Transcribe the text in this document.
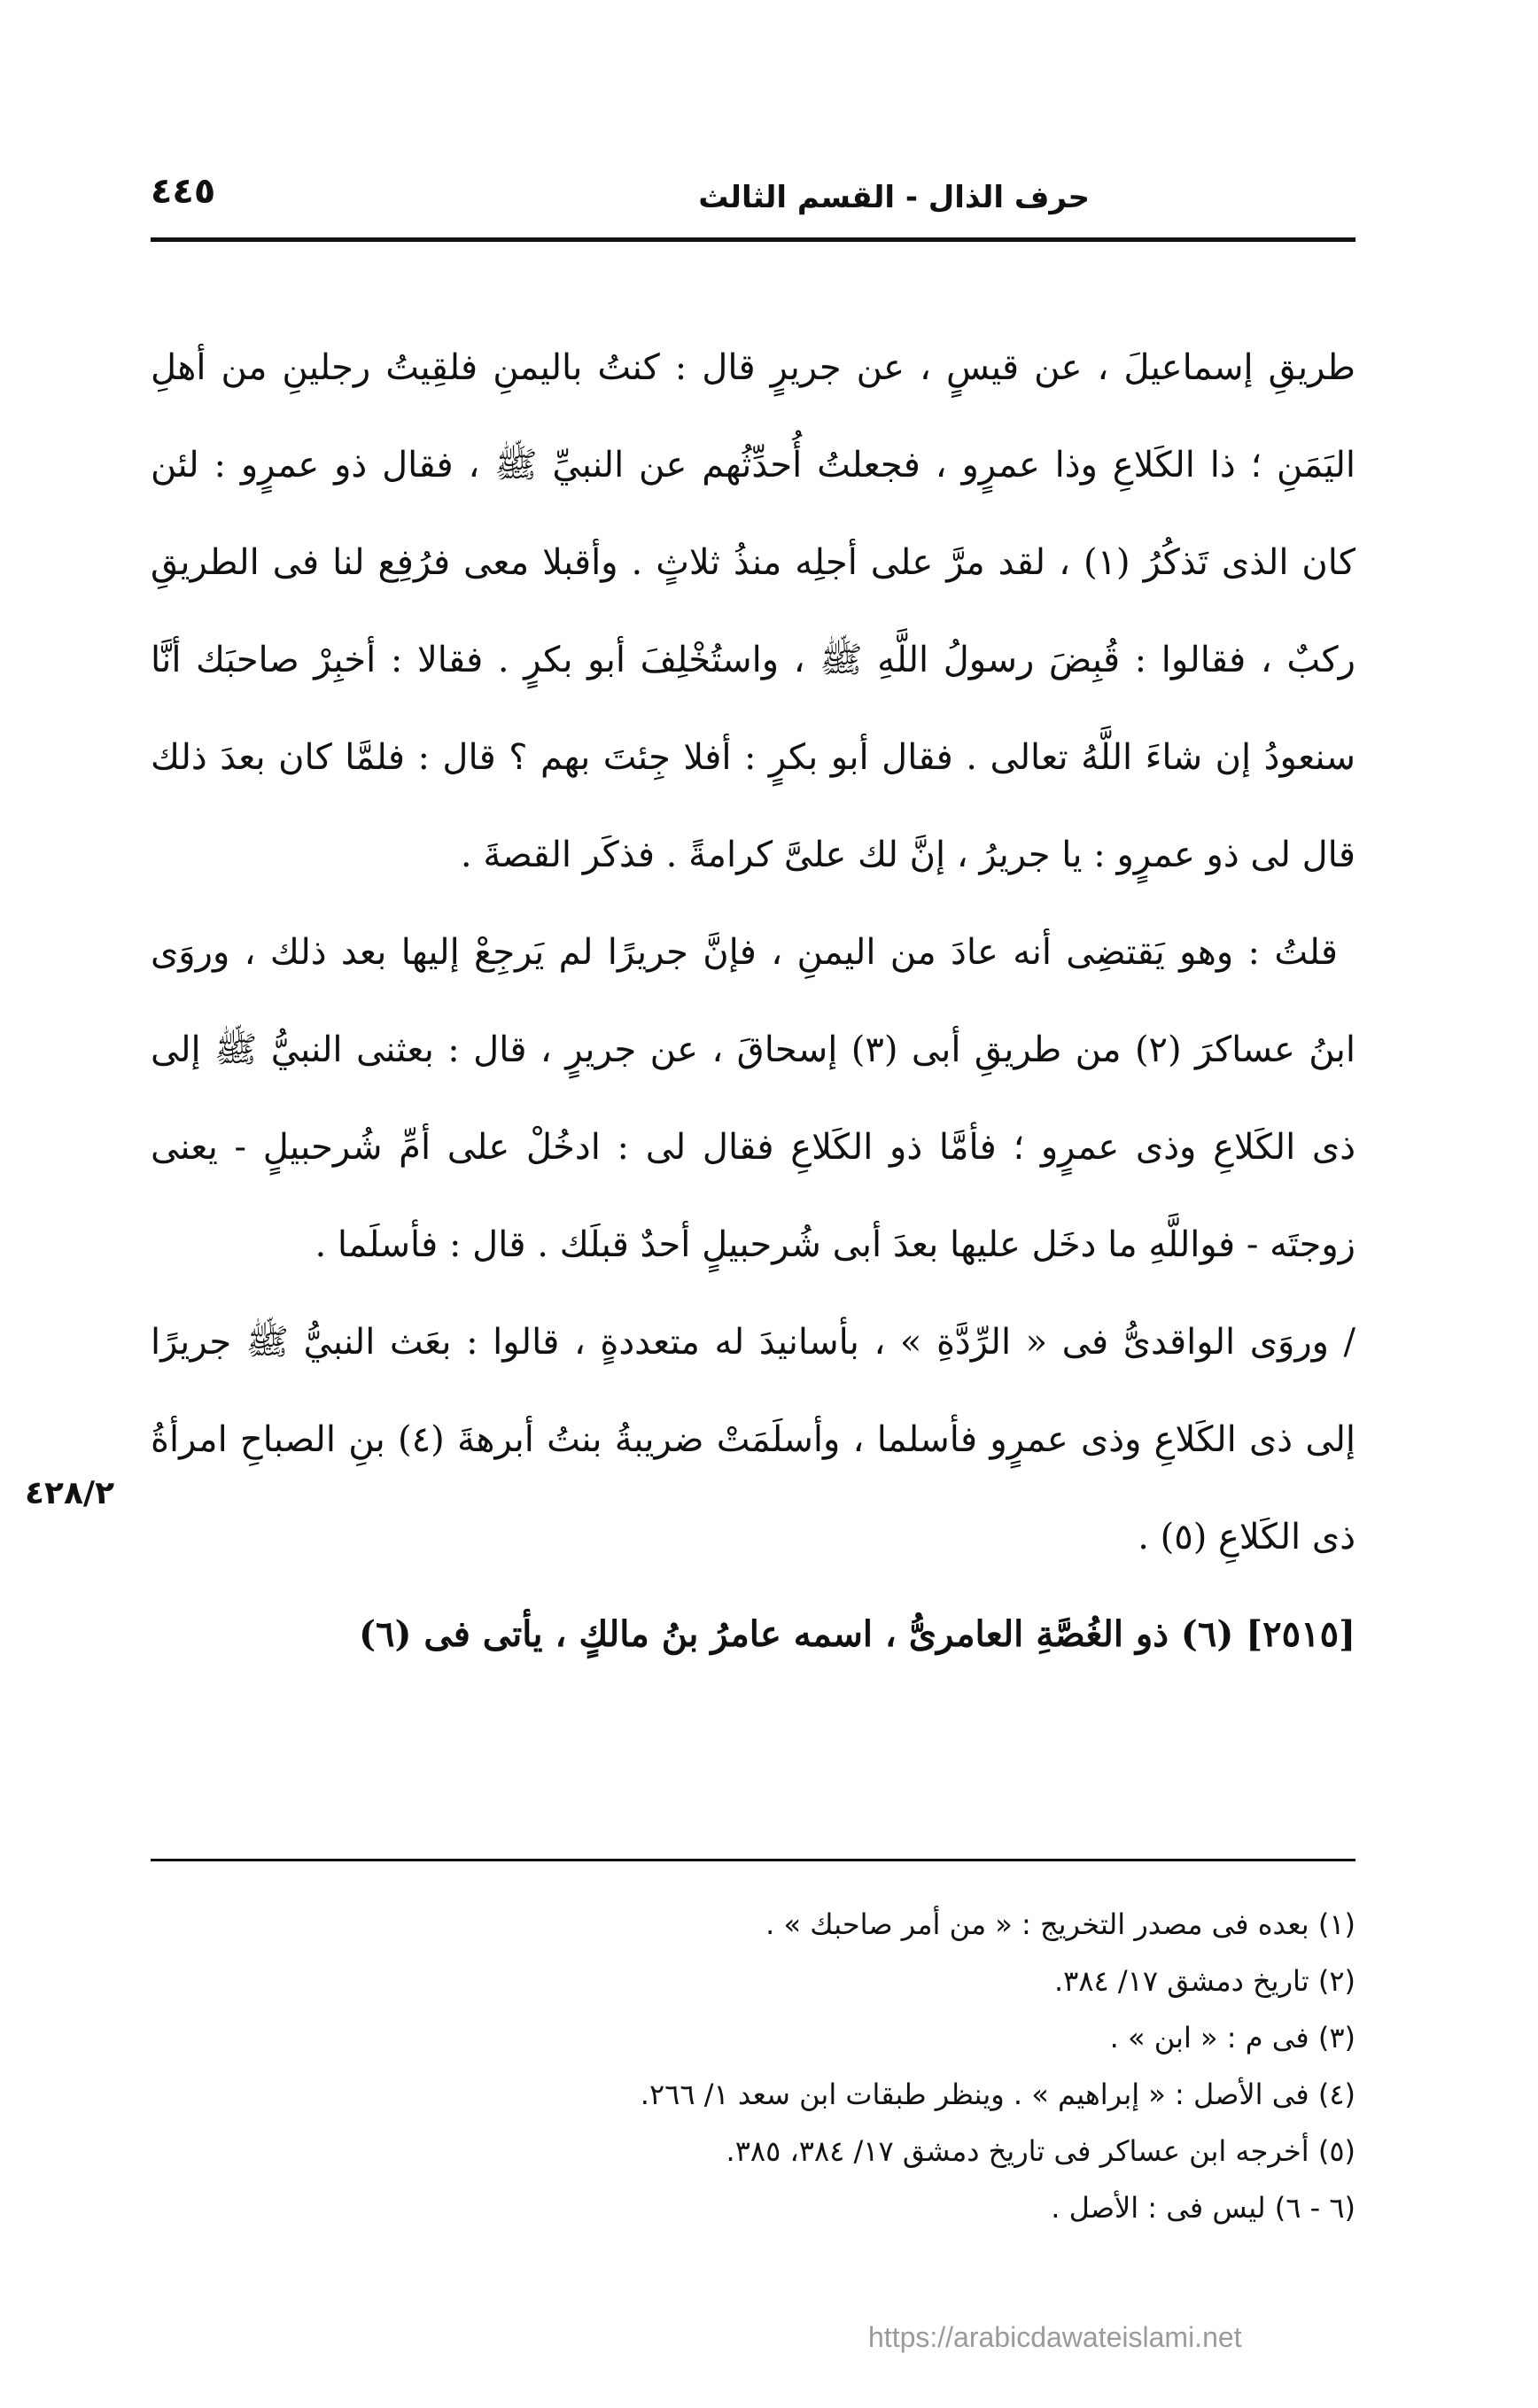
حرف الذال - القسم الثالث
٤٤٥

طريقِ إسماعيلَ ، عن قيسٍ ، عن جريرٍ قال : كنتُ باليمنِ فلقِيتُ رجلينِ من أهلِ اليَمَنِ ؛ ذا الكَلاعِ وذا عمرٍو ، فجعلتُ أُحدِّثُهم عن النبيِّ ﷺ ، فقال ذو عمرٍو : لئن كان الذى تَذكُرُ (١) ، لقد مرَّ على أجلِه منذُ ثلاثٍ . وأقبلا معى فرُفِع لنا فى الطريقِ ركبٌ ، فقالوا : قُبِضَ رسولُ اللَّهِ ﷺ ، واستُخْلِفَ أبو بكرٍ . فقالا : أخبِرْ صاحبَك أنَّا سنعودُ إن شاءَ اللَّهُ تعالى . فقال أبو بكرٍ : أفلا جِئتَ بهم ؟ قال : فلمَّا كان بعدَ ذلك قال لى ذو عمرٍو : يا جريرُ ، إنَّ لك علىَّ كرامةً . فذكَر القصةَ .

قلتُ : وهو يَقتضِى أنه عادَ من اليمنِ ، فإنَّ جريرًا لم يَرجِعْ إليها بعد ذلك ، وروَى ابنُ عساكرَ (٢) من طريقِ أبى (٣) إسحاقَ ، عن جريرٍ ، قال : بعثنى النبيُّ ﷺ إلى ذى الكَلاعِ وذى عمرٍو ؛ فأمَّا ذو الكَلاعِ فقال لى : ادخُلْ على أمِّ شُرحبيلٍ - يعنى زوجتَه - فواللَّهِ ما دخَل عليها بعدَ أبى شُرحبيلٍ أحدٌ قبلَك . قال : فأسلَما .

/ وروَى الواقدىُّ فى « الرِّدَّةِ » ، بأسانيدَ له متعددةٍ ، قالوا : بعَث النبيُّ ﷺ جريرًا إلى ذى الكَلاعِ وذى عمرٍو فأسلما ، وأسلَمَتْ ضريبةُ بنتُ أبرهةَ (٤) بنِ الصباحِ امرأةُ ذى الكَلاعِ (٥) .

[٢٥١٥] (٦) ذو الغُصَّةِ العامرىُّ ، اسمه عامرُ بنُ مالكٍ ، يأتى فى (٦)

٤٢٨/٢

(١) بعده فى مصدر التخريج : « من أمر صاحبك » .

(٢) تاريخ دمشق ١٧/ ٣٨٤.

(٣) فى م : « ابن » .

(٤) فى الأصل : « إبراهيم » . وينظر طبقات ابن سعد ١/ ٢٦٦.

(٥) أخرجه ابن عساكر فى تاريخ دمشق ١٧/ ٣٨٤، ٣٨٥.

(٦ - ٦) ليس فى : الأصل .

https://arabicdawateislami.net
